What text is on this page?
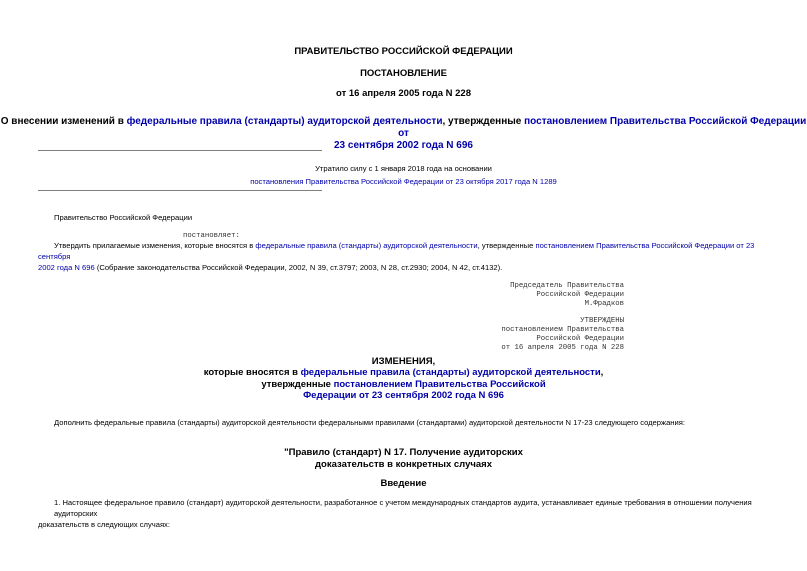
ПРАВИТЕЛЬСТВО РОССИЙСКОЙ ФЕДЕРАЦИИ
ПОСТАНОВЛЕНИЕ
от 16 апреля 2005 года N 228
О внесении изменений в федеральные правила (стандарты) аудиторской деятельности, утвержденные постановлением Правительства Российской Федерации от
23 сентября 2002 года N 696
Утратило силу с 1 января 2018 года на основании
постановления Правительства Российской Федерации от 23 октября 2017 года N 1289
Правительство Российской Федерации
постановляет:
Утвердить прилагаемые изменения, которые вносятся в федеральные правила (стандарты) аудиторской деятельности, утвержденные постановлением Правительства Российской Федерации от 23 сентября
2002 года N 696 (Собрание законодательства Российской Федерации, 2002, N 39, ст.3797; 2003, N 28, ст.2930; 2004, N 42, ст.4132).
Председатель Правительства
Российской Федерации
М.Фрадков
УТВЕРЖДЕНЫ
постановлением Правительства
Российской Федерации
от 16 апреля 2005 года N 228
ИЗМЕНЕНИЯ,
которые вносятся в федеральные правила (стандарты) аудиторской деятельности,
утвержденные постановлением Правительства Российской
Федерации от 23 сентября 2002 года N 696
Дополнить федеральные правила (стандарты) аудиторской деятельности федеральными правилами (стандартами) аудиторской деятельности N 17-23 следующего содержания:
"Правило (стандарт) N 17. Получение аудиторских
доказательств в конкретных случаях
Введение
1. Настоящее федеральное правило (стандарт) аудиторской деятельности, разработанное с учетом международных стандартов аудита, устанавливает единые требования в отношении получения аудиторских
доказательств в следующих случаях:
